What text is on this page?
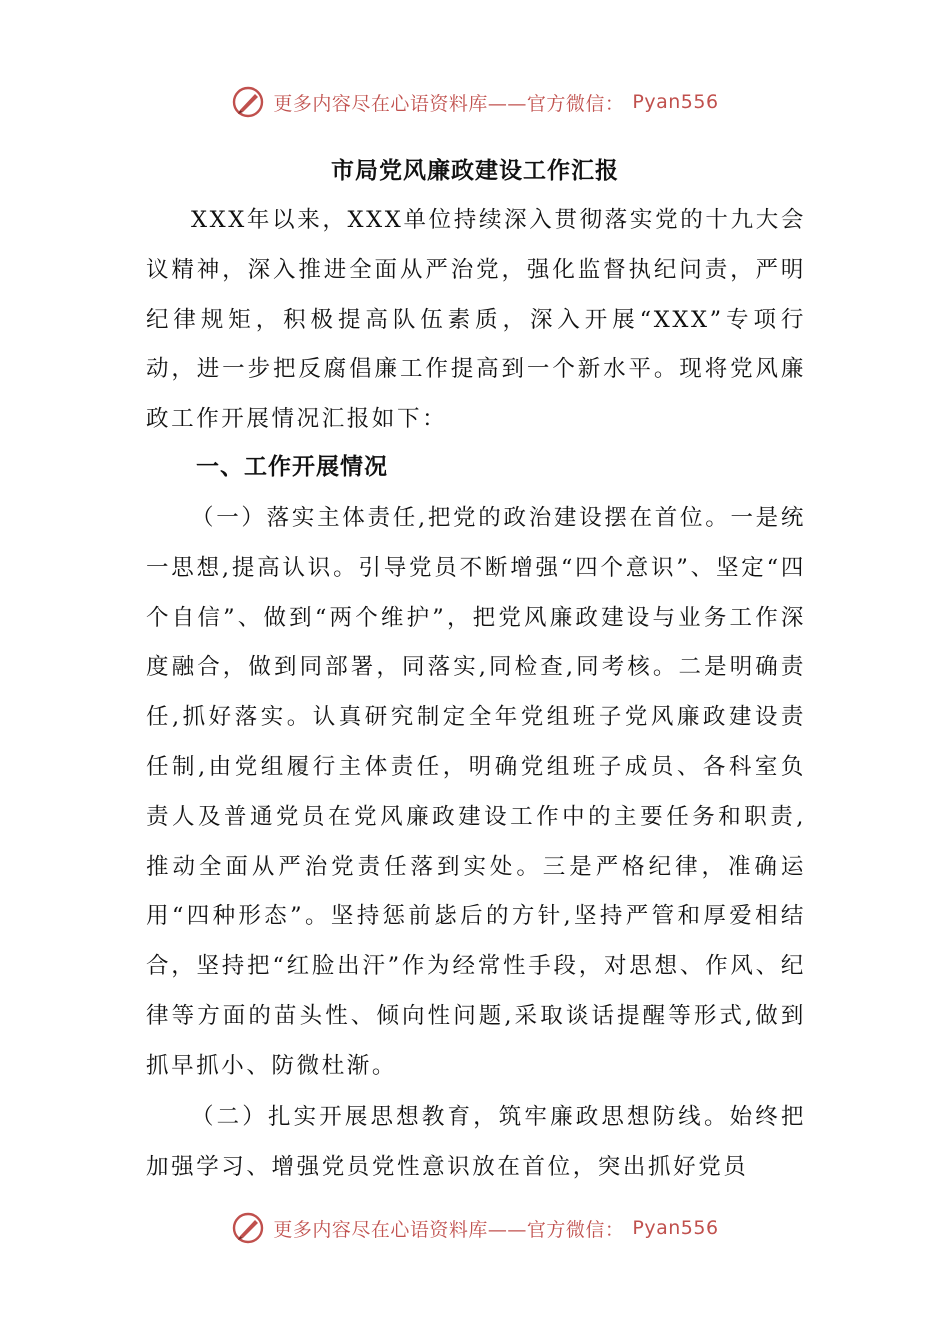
更多内容尽在心语资料库——官方微信： Pyan556
市局党风廉政建设工作汇报

XXX年以来，XXX单位持续深入贯彻落实党的十九大会议精神，深入推进全面从严治党，强化监督执纪问责，严明纪律规矩，积极提高队伍素质，深入开展“XXX”专项行动，进一步把反腐倡廉工作提高到一个新水平。现将党风廉政工作开展情况汇报如下：

一、工作开展情况

（一）落实主体责任,把党的政治建设摆在首位。一是统一思想,提高认识。引导党员不断增强“四个意识”、坚定“四个自信”、做到“两个维护”，把党风廉政建设与业务工作深度融合，做到同部署，同落实,同检查,同考核。二是明确责任,抓好落实。认真研究制定全年党组班子党风廉政建设责任制,由党组履行主体责任，明确党组班子成员、各科室负责人及普通党员在党风廉政建设工作中的主要任务和职责,推动全面从严治党责任落到实处。三是严格纪律，准确运用“四种形态”。坚持惩前毖后的方针,坚持严管和厚爱相结合，坚持把“红脸出汗”作为经常性手段，对思想、作风、纪律等方面的苗头性、倾向性问题,采取谈话提醒等形式,做到抓早抓小、防微杜渐。

（二）扎实开展思想教育，筑牢廉政思想防线。始终把加强学习、增强党员党性意识放在首位，突出抓好党员

更多内容尽在心语资料库——官方微信： Pyan556
